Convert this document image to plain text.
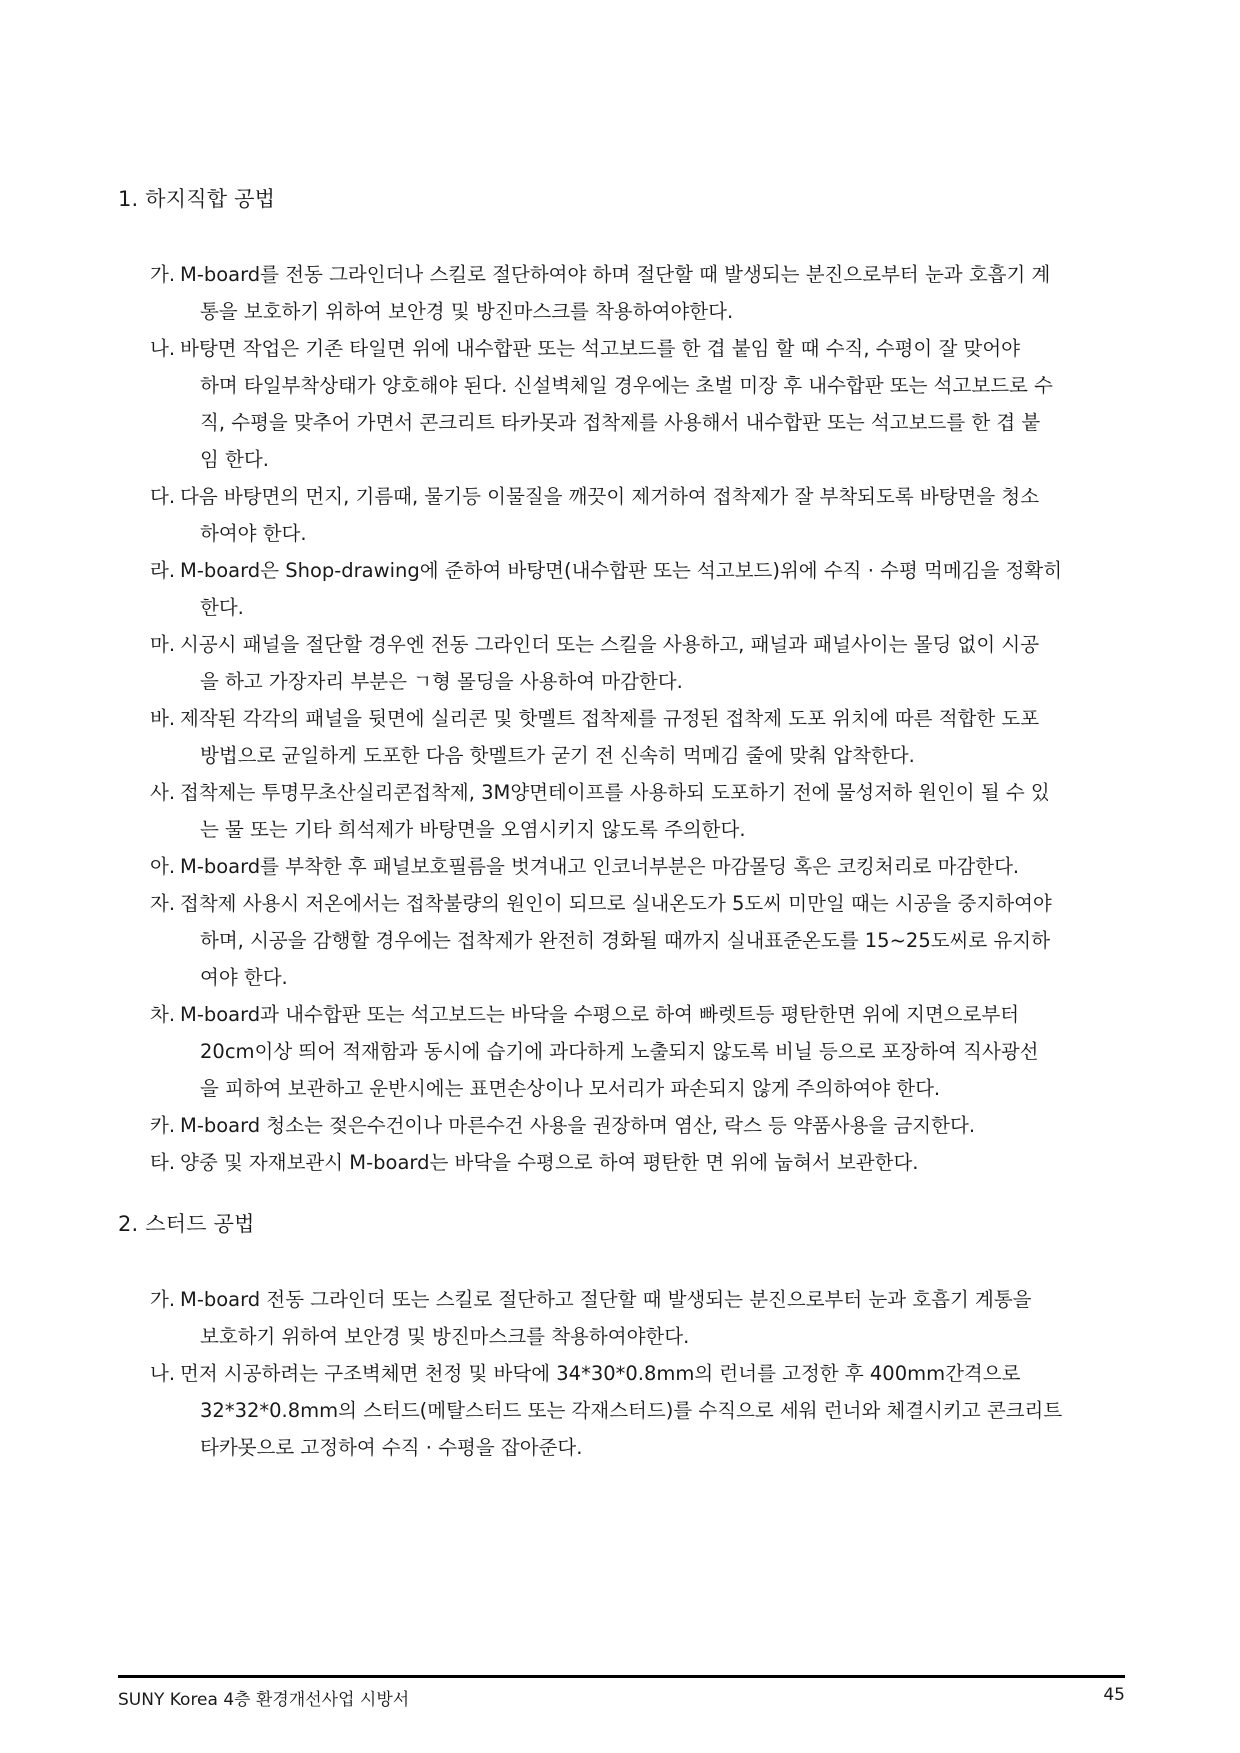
1. 하지직합 공법
가. M-board를 전동 그라인더나 스킬로 절단하여야 하며 절단할 때 발생되는 분진으로부터 눈과 호흡기 계
통을 보호하기 위하여 보안경 및 방진마스크를 착용하여야한다.
나. 바탕면 작업은 기존 타일면 위에 내수합판 또는 석고보드를 한 겹 붙임 할 때 수직, 수평이 잘 맞어야
하며 타일부착상태가 양호해야 된다. 신설벽체일 경우에는 초벌 미장 후 내수합판 또는 석고보드로 수
직, 수평을 맞추어 가면서 콘크리트 타카못과 접착제를 사용해서 내수합판 또는 석고보드를 한 겹 붙
임 한다.
다. 다음 바탕면의 먼지, 기름때, 물기등 이물질을 깨끗이 제거하여 접착제가 잘 부착되도록 바탕면을 청소
하여야 한다.
라. M-board은 Shop-drawing에 준하여 바탕면(내수합판 또는 석고보드)위에 수직 · 수평 먹메김을 정확히
한다.
마. 시공시 패널을 절단할 경우엔 전동 그라인더 또는 스킬을 사용하고, 패널과 패널사이는 몰딩 없이 시공
을 하고 가장자리 부분은 ㄱ형 몰딩을 사용하여 마감한다.
바. 제작된 각각의 패널을 뒷면에 실리콘 및 핫멜트 접착제를 규정된 접착제 도포 위치에 따른 적합한 도포
방법으로 균일하게 도포한 다음 핫멜트가 굳기 전 신속히 먹메김 줄에 맞춰 압착한다.
사. 접착제는 투명무초산실리콘접착제, 3M양면테이프를 사용하되 도포하기 전에 물성저하 원인이 될 수 있
는 물 또는 기타 희석제가 바탕면을 오염시키지 않도록 주의한다.
아. M-board를 부착한 후 패널보호필름을 벗겨내고 인코너부분은 마감몰딩 혹은 코킹처리로 마감한다.
자. 접착제 사용시 저온에서는 접착불량의 원인이 되므로 실내온도가 5도씨 미만일 때는 시공을 중지하여야
하며, 시공을 감행할 경우에는 접착제가 완전히 경화될 때까지 실내표준온도를 15~25도씨로 유지하
여야 한다.
차. M-board과 내수합판 또는 석고보드는 바닥을 수평으로 하여 빠렛트등 평탄한면 위에 지면으로부터
20cm이상 띄어 적재함과 동시에 습기에 과다하게 노출되지 않도록 비닐 등으로 포장하여 직사광선
을 피하여 보관하고 운반시에는 표면손상이나 모서리가 파손되지 않게 주의하여야 한다.
카. M-board 청소는 젖은수건이나 마른수건 사용을 권장하며 염산, 락스 등 약품사용을 금지한다.
타. 양중 및 자재보관시 M-board는 바닥을 수평으로 하여 평탄한 면 위에 눕혀서 보관한다.
2. 스터드 공법
가. M-board 전동 그라인더 또는 스킬로 절단하고 절단할 때 발생되는 분진으로부터 눈과 호흡기 계통을
보호하기 위하여 보안경 및 방진마스크를 착용하여야한다.
나. 먼저 시공하려는 구조벽체면 천정 및 바닥에 34*30*0.8mm의 런너를 고정한 후 400mm간격으로
32*32*0.8mm의 스터드(메탈스터드 또는 각재스터드)를 수직으로 세워 런너와 체결시키고 콘크리트
타카못으로 고정하여 수직 · 수평을 잡아준다.
SUNY Korea 4층 환경개선사업 시방서	45
